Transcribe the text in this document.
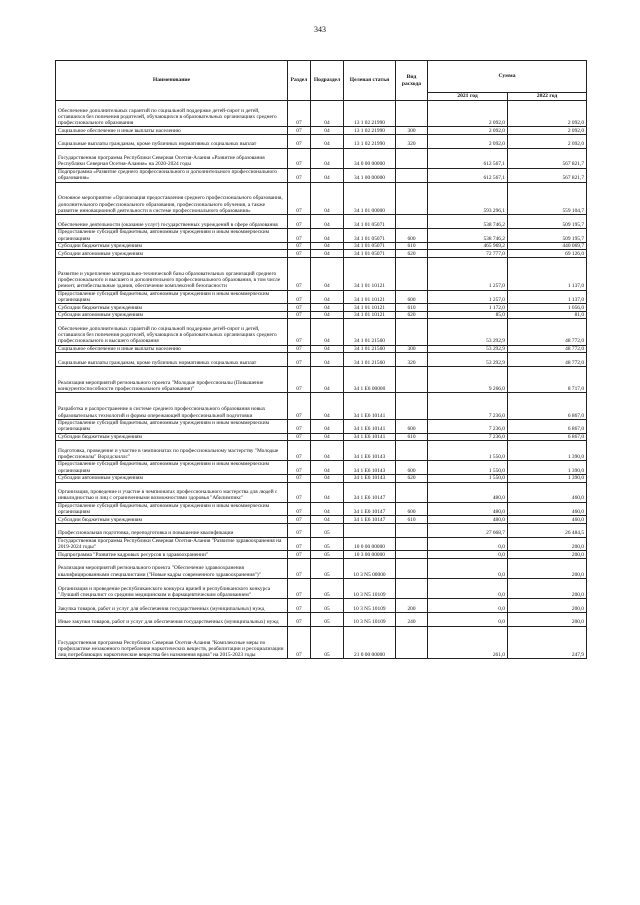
343
Наименование	Раздел	Подраздел	Целевая статья	Вид расхода	Сумма	
					2021 год	2022 год
Обеспечение дополнительных гарантий по социальной поддержке детей-сирот и детей, оставшихся без попечения родителей, обучающихся в образовательных организациях среднего профессионального образования	07	04	13 1 02 21990		2 092,0	2 092,0
Социальное обеспечение и иные выплаты населению	07	04	13 1 02 21990	300	2 092,0	2 092,0
Социальные выплаты гражданам, кроме публичных нормативных социальных выплат	07	04	13 1 02 21990	320	2 092,0	2 092,0
Государственная программа Республики Северная Осетия-Алания «Развитие образования Республики Северная Осетия-Алания» на 2020-2024 годы	07	04	34 0 00 00000		612 567,1	567 821,7
Подпрограмма «Развитие среднего профессионального и дополнительного профессионального образования»	07	04	34 1 00 00000		612 567,1	567 821,7
Основное мероприятие «Организация предоставления среднего профессионального образования, дополнительного профессионального образования, профессионального обучения, а также развитие инновационной деятельности в системе профессионального образования»	07	04	34 1 01 00000		593 296,1	559 104,7
Обеспечение деятельности (оказание услуг) государственных учреждений в сфере образования	07	04	34 1 01 05071		538 746,2	509 195,7
Предоставление субсидий бюджетным, автономным учреждениям и иным некоммерческим организациям	07	04	34 1 01 05071	600	538 746,2	509 195,7
Субсидии бюджетным учреждениям	07	04	34 1 01 05071	610	465 969,2	440 069,7
Субсидии автономным учреждениям	07	04	34 1 01 05071	620	72 777,0	69 126,0
Развитие и укрепление материально-технической базы образовательных организаций среднего профессионального и высшего и дополнительного профессионального образования, в том числе ремонт, антибеспыльные здания, обеспечение комплексной безопасности	07	04	34 1 01 10121		1 257,0	1 137,0
Предоставление субсидий бюджетным, автономным учреждениям и иным некоммерческим организациям	07	04	34 1 01 10121	600	1 257,0	1 137,0
Субсидии бюджетным учреждениям	07	04	34 1 01 10121	610	1 172,0	1 056,0
Субсидии автономным учреждениям	07	04	34 1 01 10121	620	85,0	81,0
Обеспечение дополнительных гарантий по социальной поддержке детей-сирот и детей, оставшихся без попечения родителей, обучающихся в образовательных организациях среднего профессионального и высшего образования	07	04	34 1 01 21560		53 292,9	48 772,0
Социальное обеспечение и иные выплаты населению	07	04	34 1 01 21560	300	53 292,9	48 772,0
Социальные выплаты гражданам, кроме публичных нормативных социальных выплат	07	04	34 1 01 21560	320	53 292,9	48 772,0
Реализация мероприятий регионального проекта "Молодые профессионалы (Повышение конкурентоспособности профессионального образования)"	07	04	34 1 E6 00000		9 266,0	8 717,0
Разработка и распространение в системе среднего профессионального образования новых образовательных технологий и формы опережающей профессиональной подготовки	07	04	34 1 E6 10141		7 236,0	6 867,0
Предоставление субсидий бюджетным, автономным учреждениям и иным некоммерческим организациям	07	04	34 1 E6 10141	600	7 236,0	6 867,0
Субсидии бюджетным учреждениям	07	04	34 1 E6 10141	610	7 236,0	6 867,0
Подготовка, проведение и участие в чемпионатах по профессиональному мастерству "Молодые профессионалы" Ворлдскиллс"	07	04	34 1 E6 10143		1 550,0	1 390,0
Предоставление субсидий бюджетным, автономным учреждениям и иным некоммерческим организациям	07	04	34 1 E6 10143	600	1 550,0	1 390,0
Субсидии автономным учреждениям	07	04	34 1 E6 10143	620	1 550,0	1 390,0
Организация, проведение и участие в чемпионатах профессионального мастерства для людей с инвалидностью и лиц с ограниченными возможностями здоровья "Абилимпикс"	07	04	34 1 E6 10147		480,0	460,0
Предоставление субсидий бюджетным, автономным учреждениям и иным некоммерческим организациям	07	04	34 1 E6 10147	600	480,0	460,0
Субсидии бюджетным учреждениям	07	04	34 1 E6 10147	610	480,0	460,0
Профессиональная подготовка, переподготовка и повышение квалификации	07	05			27 668,7	26 484,5
Государственная программа Республики Северная Осетия-Алания "Развитие здравоохранения на 2019-2024 годы"	07	05	10 0 00 00000		0,0	200,0
Подпрограмма "Развитие кадровых ресурсов в здравоохранении"	07	05	10 3 00 00000		0,0	200,0
Реализация мероприятий регионального проекта "Обеспечение здравоохранения квалифицированными специалистами ("Новые кадры современного здравоохранения")"	07	05	10 3 N5 00000		0,0	200,0
Организация и проведение республиканского конкурса врачей и республиканского конкурса "Лучший специалист со средним медицинским и фармацевтическим образованием"	07	05	10 3 N5 10109		0,0	200,0
Закупка товаров, работ и услуг для обеспечения государственных (муниципальных) нужд	07	05	10 3 N5 10109	200	0,0	200,0
Иные закупки товаров, работ и услуг для обеспечения государственных (муниципальных) нужд	07	05	10 3 N5 10109	240	0,0	200,0
Государственная программа Республики Северная Осетия-Алания "Комплексные меры по профилактике незаконного потребления наркотических веществ, реабилитации и ресоциализации лиц потребляющих наркотические вещества без назначения врача" на 2015-2023 годы	07	05	21 0 00 00000		261,0	247,9
